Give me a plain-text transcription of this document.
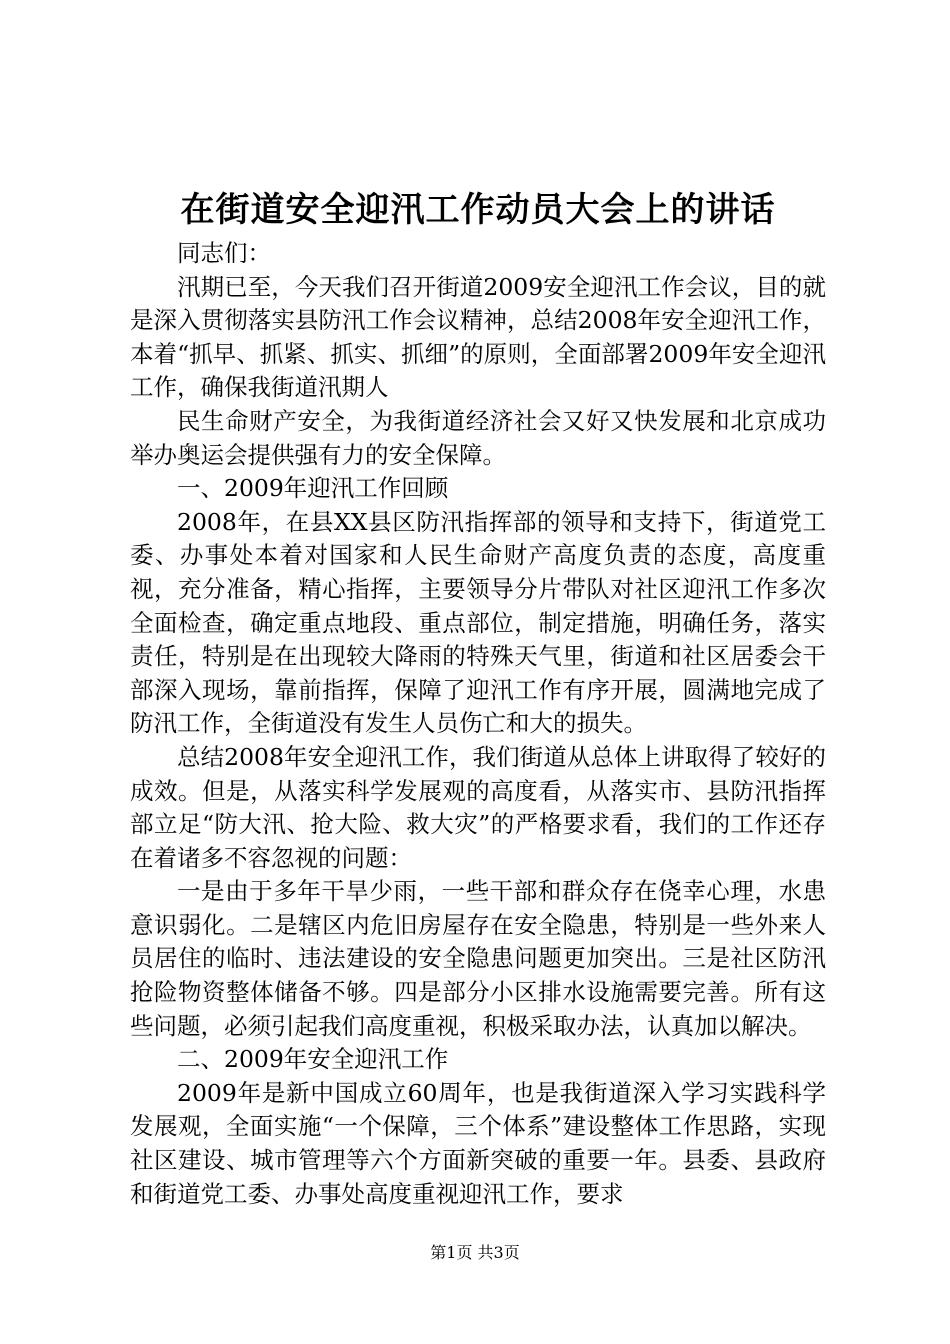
在街道安全迎汛工作动员大会上的讲话

同志们：

汛期已至，今天我们召开街道2009安全迎汛工作会议，目的就是深入贯彻落实县防汛工作会议精神，总结2008年安全迎汛工作，本着“抓早、抓紧、抓实、抓细”的原则，全面部署2009年安全迎汛工作，确保我街道汛期人

民生命财产安全，为我街道经济社会又好又快发展和北京成功举办奥运会提供强有力的安全保障。

一、2009年迎汛工作回顾

2008年，在县XX县区防汛指挥部的领导和支持下，街道党工委、办事处本着对国家和人民生命财产高度负责的态度，高度重视，充分准备，精心指挥，主要领导分片带队对社区迎汛工作多次全面检查，确定重点地段、重点部位，制定措施，明确任务，落实责任，特别是在出现较大降雨的特殊天气里，街道和社区居委会干部深入现场，靠前指挥，保障了迎汛工作有序开展，圆满地完成了防汛工作，全街道没有发生人员伤亡和大的损失。

总结2008年安全迎汛工作，我们街道从总体上讲取得了较好的成效。但是，从落实科学发展观的高度看，从落实市、县防汛指挥部立足“防大汛、抢大险、救大灾”的严格要求看，我们的工作还存在着诸多不容忽视的问题：

一是由于多年干旱少雨，一些干部和群众存在侥幸心理，水患意识弱化。二是辖区内危旧房屋存在安全隐患，特别是一些外来人员居住的临时、违法建设的安全隐患问题更加突出。三是社区防汛抢险物资整体储备不够。四是部分小区排水设施需要完善。所有这些问题，必须引起我们高度重视，积极采取办法，认真加以解决。

二、2009年安全迎汛工作

2009年是新中国成立60周年，也是我街道深入学习实践科学发展观，全面实施“一个保障，三个体系”建设整体工作思路，实现社区建设、城市管理等六个方面新突破的重要一年。县委、县政府和街道党工委、办事处高度重视迎汛工作，要求

第1页 共3页
